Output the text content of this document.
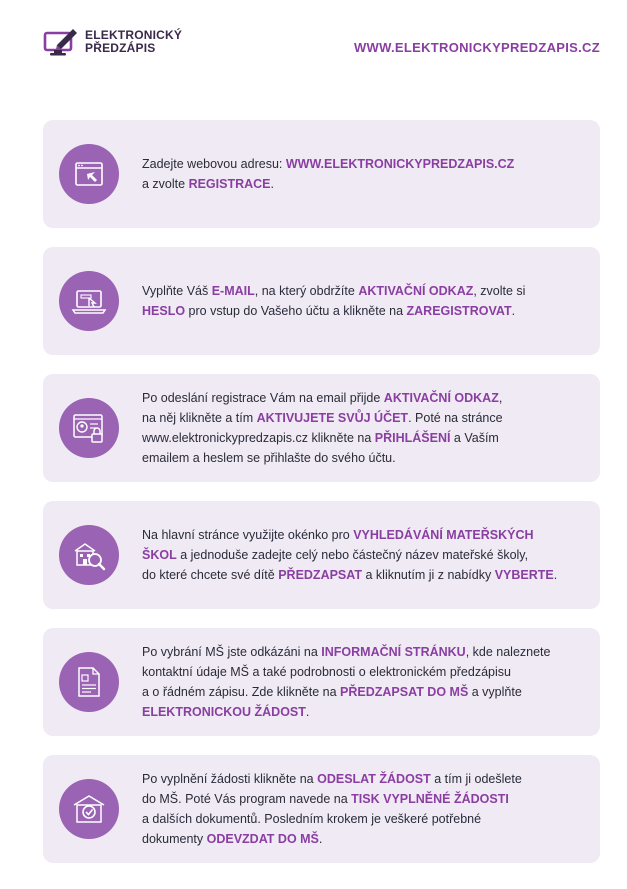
ELEKTRONICKÝ
PŘEDZÁPIS	WWW.ELEKTRONICKYPREDZAPIS.CZ
Zadejte webovou adresu: WWW.ELEKTRONICKYPREDZAPIS.CZ
a zvolte REGISTRACE.
Vyplňte Váš E-MAIL, na který obdržíte AKTIVAČNÍ ODKAZ, zvolte si
HESLO pro vstup do Vašeho účtu a klikněte na ZAREGISTROVAT.
Po odeslání registrace Vám na email přijde AKTIVAČNÍ ODKAZ,
na něj klikněte a tím AKTIVUJETE SVŮJ ÚČET. Poté na stránce
www.elektronickypredzapis.cz klikněte na PŘIHLÁŠENÍ a Vaším
emailem a heslem se přihlašte do svého účtu.
Na hlavní stránce využijte okénko pro VYHLEDÁVÁNÍ MATEŘSKÝCH
ŠKOL a jednoduše zadejte celý nebo částečný název mateřské školy,
do které chcete své dítě PŘEDZAPSAT a kliknutím ji z nabídky VYBERTE.
Po vybrání MŠ jste odkázáni na INFORMAČNÍ STRÁNKU, kde naleznete
kontaktní údaje MŠ a také podrobnosti o elektronickém předzápisu
a o řádném zápisu. Zde klikněte na PŘEDZAPSAT DO MŠ a vyplňte
ELEKTRONICKOU ŽÁDOST.
Po vyplnění žádosti klikněte na ODESLAT ŽÁDOST a tím ji odešlete
do MŠ. Poté Vás program navede na TISK VYPLNĚNÉ ŽÁDOSTI
a dalších dokumentů. Posledním krokem je veškeré potřebné
dokumenty ODEVZDAT DO MŠ.
